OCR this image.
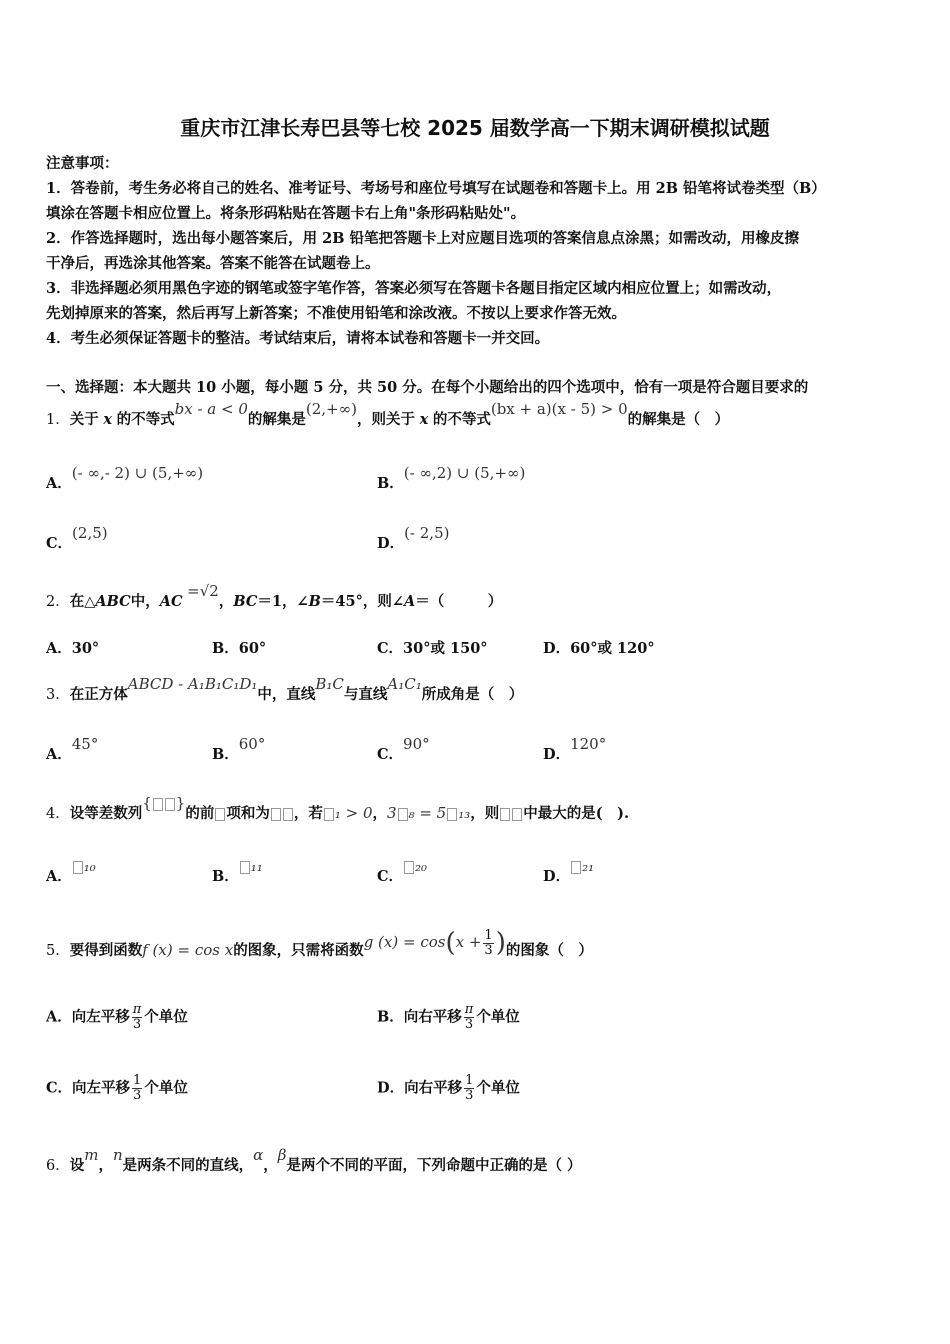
重庆市江津长寿巴县等七校 2025 届数学高一下期末调研模拟试题
注意事项：
1．答卷前，考生务必将自己的姓名、准考证号、考场号和座位号填写在试题卷和答题卡上。用 2B 铅笔将试卷类型（B）
填涂在答题卡相应位置上。将条形码粘贴在答题卡右上角"条形码粘贴处"。
2．作答选择题时，选出每小题答案后，用 2B 铅笔把答题卡上对应题目选项的答案信息点涂黑；如需改动，用橡皮擦
干净后，再选涂其他答案。答案不能答在试题卷上。
3．非选择题必须用黑色字迹的钢笔或签字笔作答，答案必须写在答题卡各题目指定区域内相应位置上；如需改动，
先划掉原来的答案，然后再写上新答案；不准使用铅笔和涂改液。不按以上要求作答无效。
4．考生必须保证答题卡的整洁。考试结束后，请将本试卷和答题卡一并交回。
一、选择题：本大题共 10 小题，每小题 5 分，共 50 分。在每个小题给出的四个选项中，恰有一项是符合题目要求的
1．关于 x 的不等式bx - a < 0的解集是(2,+∞)，则关于 x 的不等式(bx + a)(x - 5) > 0的解集是（　）
A．(- ∞,- 2) ∪ (5,+∞)
B．(- ∞,2) ∪ (5,+∞)
C．(2,5)
D．(- 2,5)
2．在△ABC中，AC =√2，BC＝1，∠B＝45°，则∠A＝（　　　）
A．30°	B．60°	C．30°或 150°	D．60°或 120°
3．在正方体ABCD - A₁B₁C₁D₁中，直线B₁C与直线A₁C₁所成角是（　）
A．45°
B．60°
C．90°
D．120°
4．设等差数列{ }的前 项和为 ，若 ₁ > 0，3 ₈ = 5 ₁₃，则 中最大的是(　).
A．₁₀
B．₁₁
C．₂₀
D．₂₁
5．要得到函数f (x) = cos x的图象，只需将函数g $(x) = \cos(x + \frac{1}{3}$ )的图象（　）
A．向左平移 $\frac{\pi}{3}$ 个单位	B．向右平移 $\frac{\pi}{3}$ 个单位
C．向左平移 $\frac{1}{3}$ 个单位	D．向右平移 $\frac{1}{3}$ 个单位
6．设m，n是两条不同的直线，α，β是两个不同的平面，下列命题中正确的是（ ）
